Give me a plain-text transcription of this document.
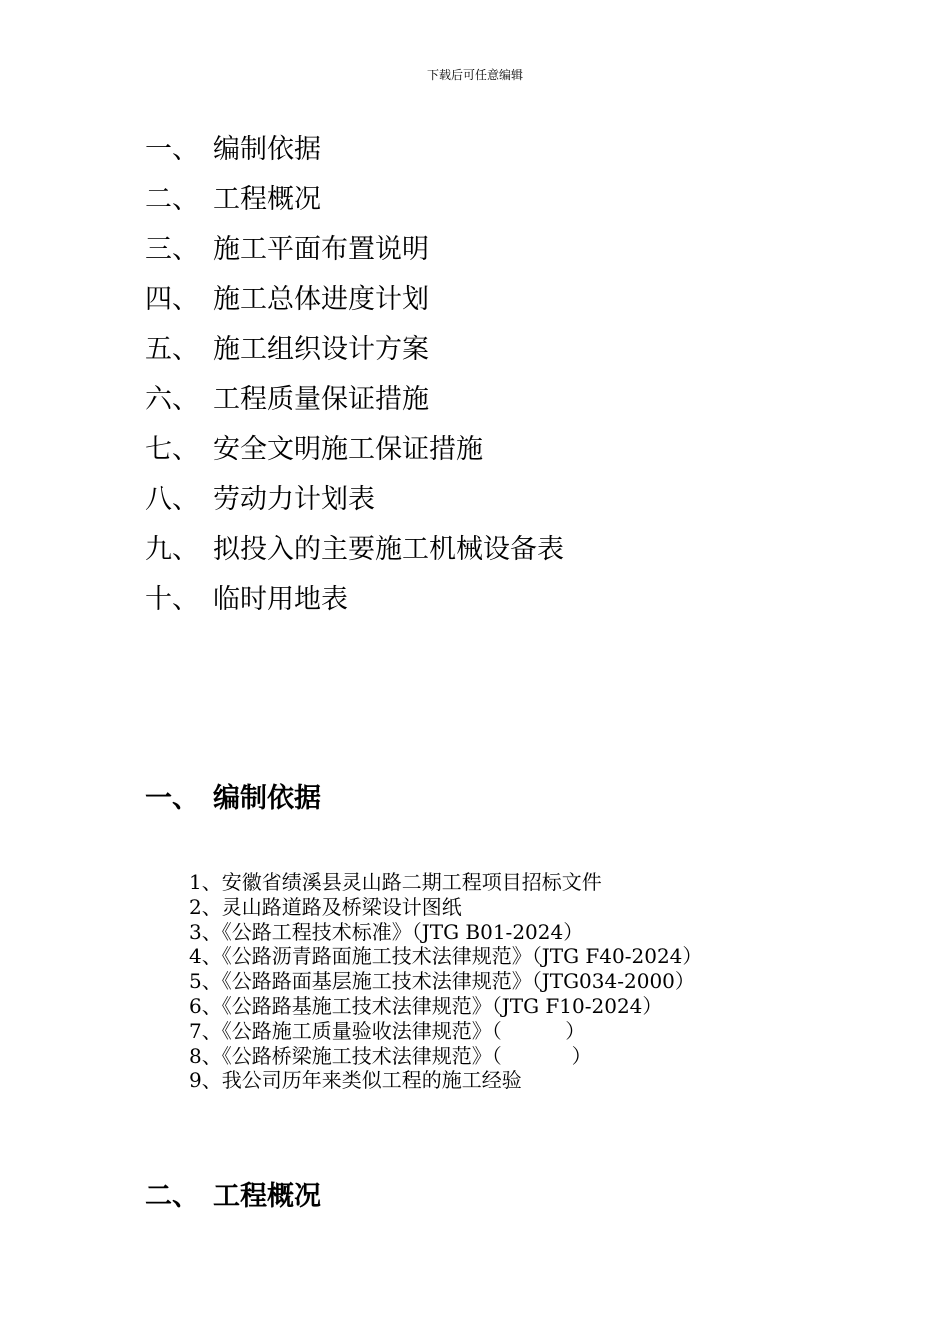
下载后可任意编辑
一、 编制依据
二、 工程概况
三、 施工平面布置说明
四、 施工总体进度计划
五、 施工组织设计方案
六、 工程质量保证措施
七、 安全文明施工保证措施
八、 劳动力计划表
九、 拟投入的主要施工机械设备表
十、 临时用地表
一、 编制依据
1、安徽省绩溪县灵山路二期工程项目招标文件
2、灵山路道路及桥梁设计图纸
3、《公路工程技术标准》（JTG B01-2024）
4、《公路沥青路面施工技术法律规范》（JTG F40-2024）
5、《公路路面基层施工技术法律规范》（JTG034-2000）
6、《公路路基施工技术法律规范》（JTG F10-2024）
7、《公路施工质量验收法律规范》（          ）
8、《公路桥梁施工技术法律规范》（           ）
9、我公司历年来类似工程的施工经验
二、 工程概况
